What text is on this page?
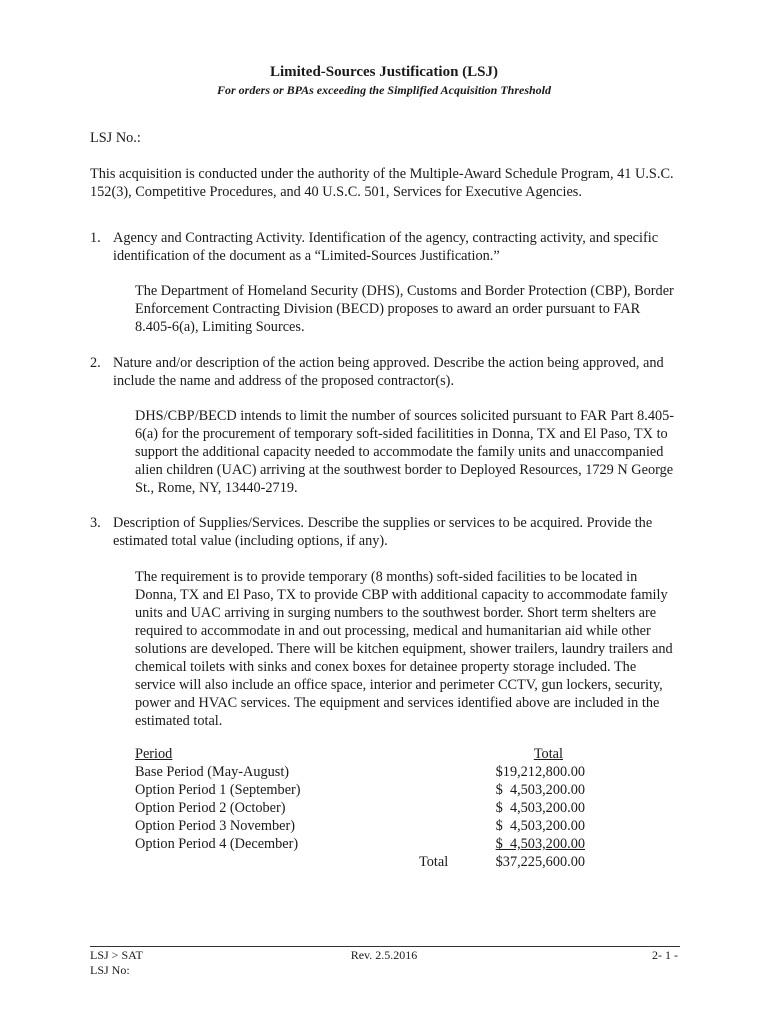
Limited-Sources Justification (LSJ)
For orders or BPAs exceeding the Simplified Acquisition Threshold
LSJ No.:
This acquisition is conducted under the authority of the Multiple-Award Schedule Program, 41 U.S.C. 152(3), Competitive Procedures, and 40 U.S.C. 501, Services for Executive Agencies.
1. Agency and Contracting Activity. Identification of the agency, contracting activity, and specific identification of the document as a “Limited-Sources Justification.”
The Department of Homeland Security (DHS), Customs and Border Protection (CBP), Border Enforcement Contracting Division (BECD) proposes to award an order pursuant to FAR 8.405-6(a), Limiting Sources.
2. Nature and/or description of the action being approved. Describe the action being approved, and include the name and address of the proposed contractor(s).
DHS/CBP/BECD intends to limit the number of sources solicited pursuant to FAR Part 8.405-6(a) for the procurement of temporary soft-sided facilitities in Donna, TX and El Paso, TX to support the additional capacity needed to accommodate the family units and unaccompanied alien children (UAC) arriving at the southwest border to Deployed Resources, 1729 N George St., Rome, NY, 13440-2719.
3. Description of Supplies/Services. Describe the supplies or services to be acquired. Provide the estimated total value (including options, if any).
The requirement is to provide temporary (8 months) soft-sided facilities to be located in Donna, TX and El Paso, TX to provide CBP with additional capacity to accommodate family units and UAC arriving in surging numbers to the southwest border. Short term shelters are required to accommodate in and out processing, medical and humanitarian aid while other solutions are developed. There will be kitchen equipment, shower trailers, laundry trailers and chemical toilets with sinks and conex boxes for detainee property storage included. The service will also include an office space, interior and perimeter CCTV, gun lockers, security, power and HVAC services. The equipment and services identified above are included in the estimated total.
Period	Total
Base Period (May-August)	$19,212,800.00
Option Period 1 (September)	$  4,503,200.00
Option Period 2 (October)	$  4,503,200.00
Option Period 3 November)	$  4,503,200.00
Option Period 4 (December)	$  4,503,200.00
Total	$37,225,600.00
LSJ > SAT
LSJ No:
Rev. 2.5.2016	2- 1 -
